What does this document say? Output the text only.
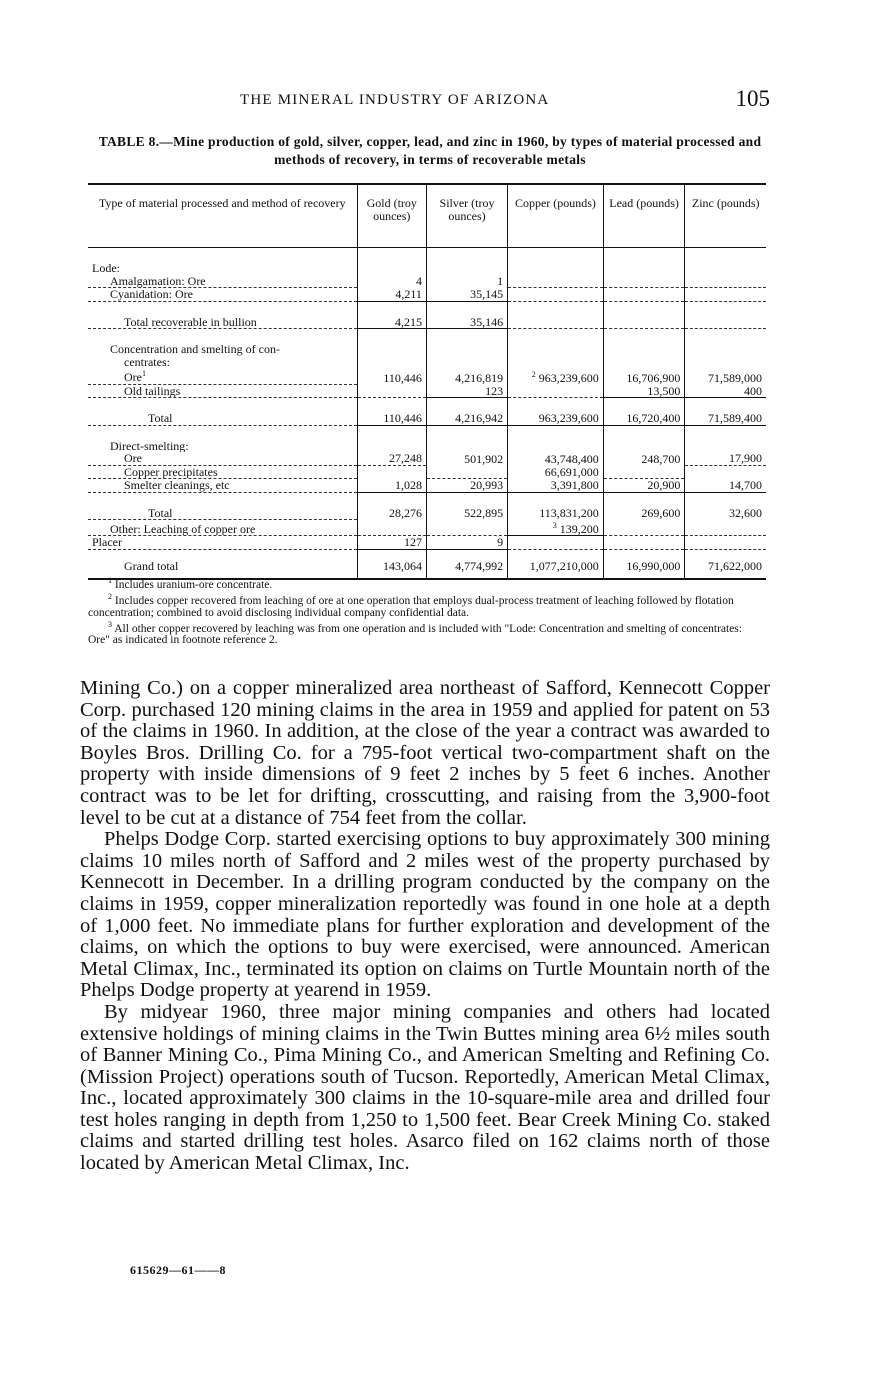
THE MINERAL INDUSTRY OF ARIZONA	105
TABLE 8.—Mine production of gold, silver, copper, lead, and zinc in 1960, by types of material processed and methods of recovery, in terms of recoverable metals
Type of material processed and method of recovery	Gold (troy ounces)	Silver (troy ounces)	Copper (pounds)	Lead (pounds)	Zinc (pounds)

Lode:					
Amalgamation: Ore	4	1			
Cyanidation: Ore	4,211	35,145			

Total recoverable in bullion	4,215	35,146			

Concentration and smelting of con-					
centrates:					
Ore$^1$	110,446	4,216,819	$^2$ 963,239,600	16,706,900	71,589,000
Old tailings		123		13,500	400

Total	110,446	4,216,942	963,239,600	16,720,400	71,589,400

Direct-smelting:					
Ore	27,248	501,902	43,748,400	248,700	17,900
Copper precipitates			66,691,000		
Smelter cleanings, etc	1,028	20,993	3,391,800	20,900	14,700

Total	28,276	522,895	113,831,200	269,600	32,600
Other: Leaching of copper ore			$^3$ 139,200		
Placer	127	9			
Grand total	143,064	4,774,992	1,077,210,000	16,990,000	71,622,000

$^1$ Includes uranium-ore concentrate.

$^2$ Includes copper recovered from leaching of ore at one operation that employs dual-process treatment of leaching followed by flotation concentration; combined to avoid disclosing individual company confidential data.

$^3$ All other copper recovered by leaching was from one operation and is included with "Lode: Concentration and smelting of concentrates: Ore" as indicated in footnote reference 2.

Mining Co.) on a copper mineralized area northeast of Safford, Kennecott Copper Corp. purchased 120 mining claims in the area in 1959 and applied for patent on 53 of the claims in 1960. In addition, at the close of the year a contract was awarded to Boyles Bros. Drilling Co. for a 795-foot vertical two-compartment shaft on the property with inside dimensions of 9 feet 2 inches by 5 feet 6 inches. Another contract was to be let for drifting, crosscutting, and raising from the 3,900-foot level to be cut at a distance of 754 feet from the collar.

Phelps Dodge Corp. started exercising options to buy approximately 300 mining claims 10 miles north of Safford and 2 miles west of the property purchased by Kennecott in December. In a drilling program conducted by the company on the claims in 1959, copper mineralization reportedly was found in one hole at a depth of 1,000 feet. No immediate plans for further exploration and development of the claims, on which the options to buy were exercised, were announced. American Metal Climax, Inc., terminated its option on claims on Turtle Mountain north of the Phelps Dodge property at yearend in 1959.

By midyear 1960, three major mining companies and others had located extensive holdings of mining claims in the Twin Buttes mining area 6½ miles south of Banner Mining Co., Pima Mining Co., and American Smelting and Refining Co. (Mission Project) operations south of Tucson. Reportedly, American Metal Climax, Inc., located approximately 300 claims in the 10-square-mile area and drilled four test holes ranging in depth from 1,250 to 1,500 feet. Bear Creek Mining Co. staked claims and started drilling test holes. Asarco filed on 162 claims north of those located by American Metal Climax, Inc.

615629—61——8
